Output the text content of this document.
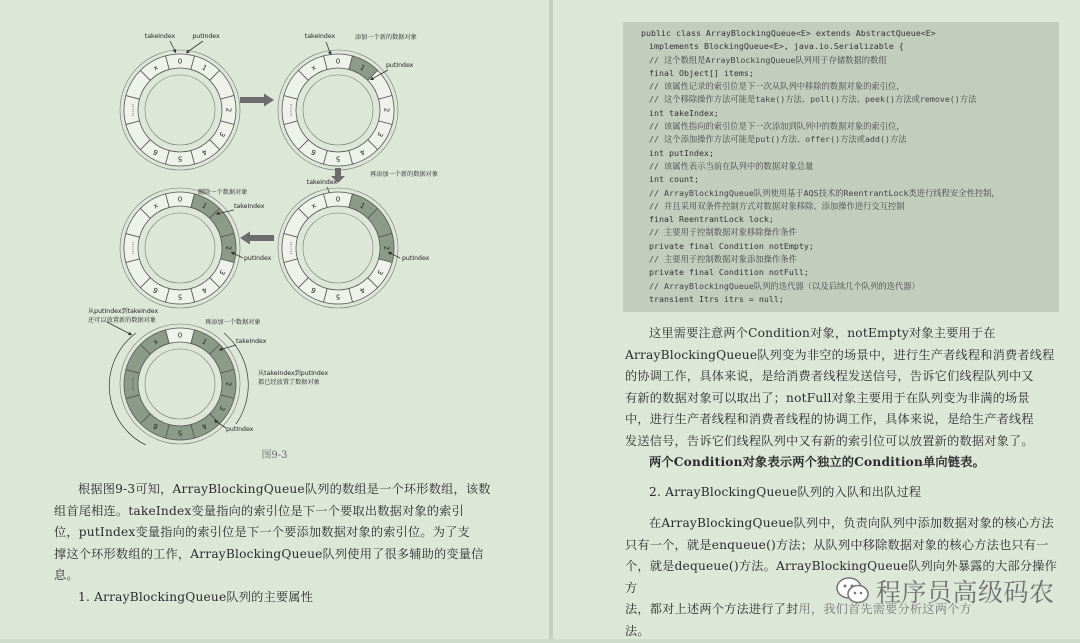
0
1
2
3
4
5
6
......
x
takeIndex	putIndex
0
1
2
3
4
5
6
......
x
takeIndex	添加一个新的数据对象
putIndex
再添加一个新的数据对象
takeIndex
0
1
2
3
4
5
6
......
x
putIndex
0
1
2
3
4
5
6
......
x
删除一个数据对象
takeIndex
putIndex
0
1
2
3
4
5
6
......
x
从putIndex到takeIndex
还可以放置新的数据对象	再添加一个数据对象
takeIndex
从takeIndex到putIndex
都已经放置了数据对象
putIndex
图9-3

根据图9-3可知，ArrayBlockingQueue队列的数组是一个环形数组，该数

组首尾相连。takeIndex变量指向的索引位是下一个要取出数据对象的索引

位，putIndex变量指向的索引位是下一个要添加数据对象的索引位。为了支

撑这个环形数组的工作，ArrayBlockingQueue队列使用了很多辅助的变量信

息。

1. ArrayBlockingQueue队列的主要属性
public class ArrayBlockingQueue<E> extends AbstractQueue<E>
implements BlockingQueue<E>, java.io.Serializable {
// 这个数组是ArrayBlockingQueue队列用于存储数据的数组
final Object[] items;
// 该属性记录的索引位是下一次从队列中移除的数据对象的索引位，
// 这个移除操作方法可能是take()方法、poll()方法、peek()方法或remove()方法
int takeIndex;
// 该属性指向的索引位是下一次添加到队列中的数据对象的索引位，
// 这个添加操作方法可能是put()方法、offer()方法或add()方法
int putIndex;
// 该属性表示当前在队列中的数据对象总量
int count;
// ArrayBlockingQueue队列使用基于AQS技术的ReentrantLock类进行线程安全性控制，
// 并且采用双条件控制方式对数据对象移除、添加操作进行交互控制
final ReentrantLock lock;
// 主要用于控制数据对象移除操作条件
private final Condition notEmpty;
// 主要用于控制数据对象添加操作条件
private final Condition notFull;
// ArrayBlockingQueue队列的迭代器（以及后续几个队列的迭代器）
transient Itrs itrs = null;

这里需要注意两个Condition对象，notEmpty对象主要用于在

ArrayBlockingQueue队列变为非空的场景中，进行生产者线程和消费者线程

的协调工作，具体来说，是给消费者线程发送信号，告诉它们线程队列中又

有新的数据对象可以取出了；notFull对象主要用于在队列变为非满的场景

中，进行生产者线程和消费者线程的协调工作，具体来说，是给生产者线程

发送信号，告诉它们线程队列中又有新的索引位可以放置新的数据对象了。

两个Condition对象表示两个独立的Condition单向链表。
2. ArrayBlockingQueue队列的入队和出队过程

在ArrayBlockingQueue队列中，负责向队列中添加数据对象的核心方法

只有一个，就是enqueue()方法；从队列中移除数据对象的核心方法也只有一

个，就是dequeue()方法。ArrayBlockingQueue队列向外暴露的大部分操作方

法，都对上述两个方法进行了封用，我们首先需要分析这两个方

法。

程序员高级码农
